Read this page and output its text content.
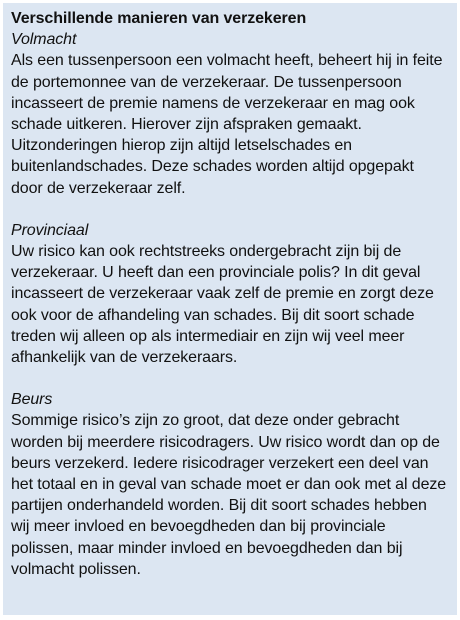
Verschillende manieren van verzekeren
Volmacht

Als een tussenpersoon een volmacht heeft, beheert hij in feite de portemonnee van de verzekeraar. De tussenpersoon incasseert de premie namens de verzekeraar en mag ook schade uitkeren. Hierover zijn afspraken gemaakt. Uitzonderingen hierop zijn altijd letselschades en buitenlandschades. Deze schades worden altijd opgepakt door de verzekeraar zelf.

Provinciaal

Uw risico kan ook rechtstreeks ondergebracht zijn bij de verzekeraar. U heeft dan een provinciale polis? In dit geval incasseert de verzekeraar vaak zelf de premie en zorgt deze ook voor de afhandeling van schades. Bij dit soort schade treden wij alleen op als intermediair en zijn wij veel meer afhankelijk van de verzekeraars.

Beurs

Sommige risico’s zijn zo groot, dat deze onder gebracht worden bij meerdere risicodragers. Uw risico wordt dan op de beurs verzekerd. Iedere risicodrager verzekert een deel van het totaal en in geval van schade moet er dan ook met al deze partijen onderhandeld worden. Bij dit soort schades hebben wij meer invloed en bevoegdheden dan bij provinciale polissen, maar minder invloed en bevoegdheden dan bij volmacht polissen.
